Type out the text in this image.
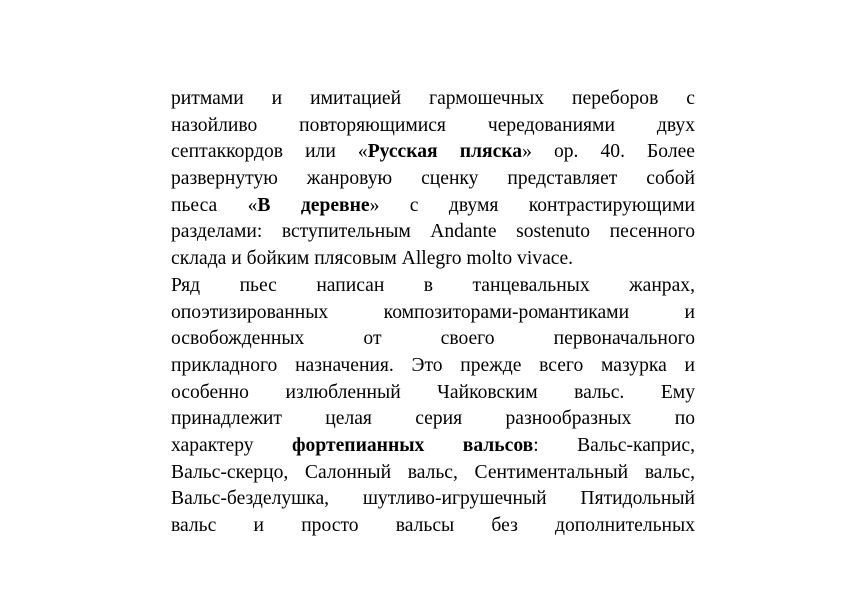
ритмами и имитацией гармошечных переборов с
назойливо повторяющимися чередованиями двух
септаккордов или «Русская пляска» ор. 40. Более
развернутую жанровую сценку представляет собой
пьеса «В деревне» с двумя контрастирующими
разделами: вступительным Andante sostenuto песенного
склада и бойким плясовым Allegro molto vivace.
Ряд пьес написан в танцевальных жанрах,
опоэтизированных композиторами-романтиками и
освобожденных от своего первоначального
прикладного назначения. Это прежде всего мазурка и
особенно излюбленный Чайковским вальс. Ему
принадлежит целая серия разнообразных по
характеру фортепианных вальсов: Вальс-каприс,
Вальс-скерцо, Салонный вальс, Сентиментальный вальс,
Вальс-безделушка, шутливо-игрушечный Пятидольный
вальс и просто вальсы без дополнительных
